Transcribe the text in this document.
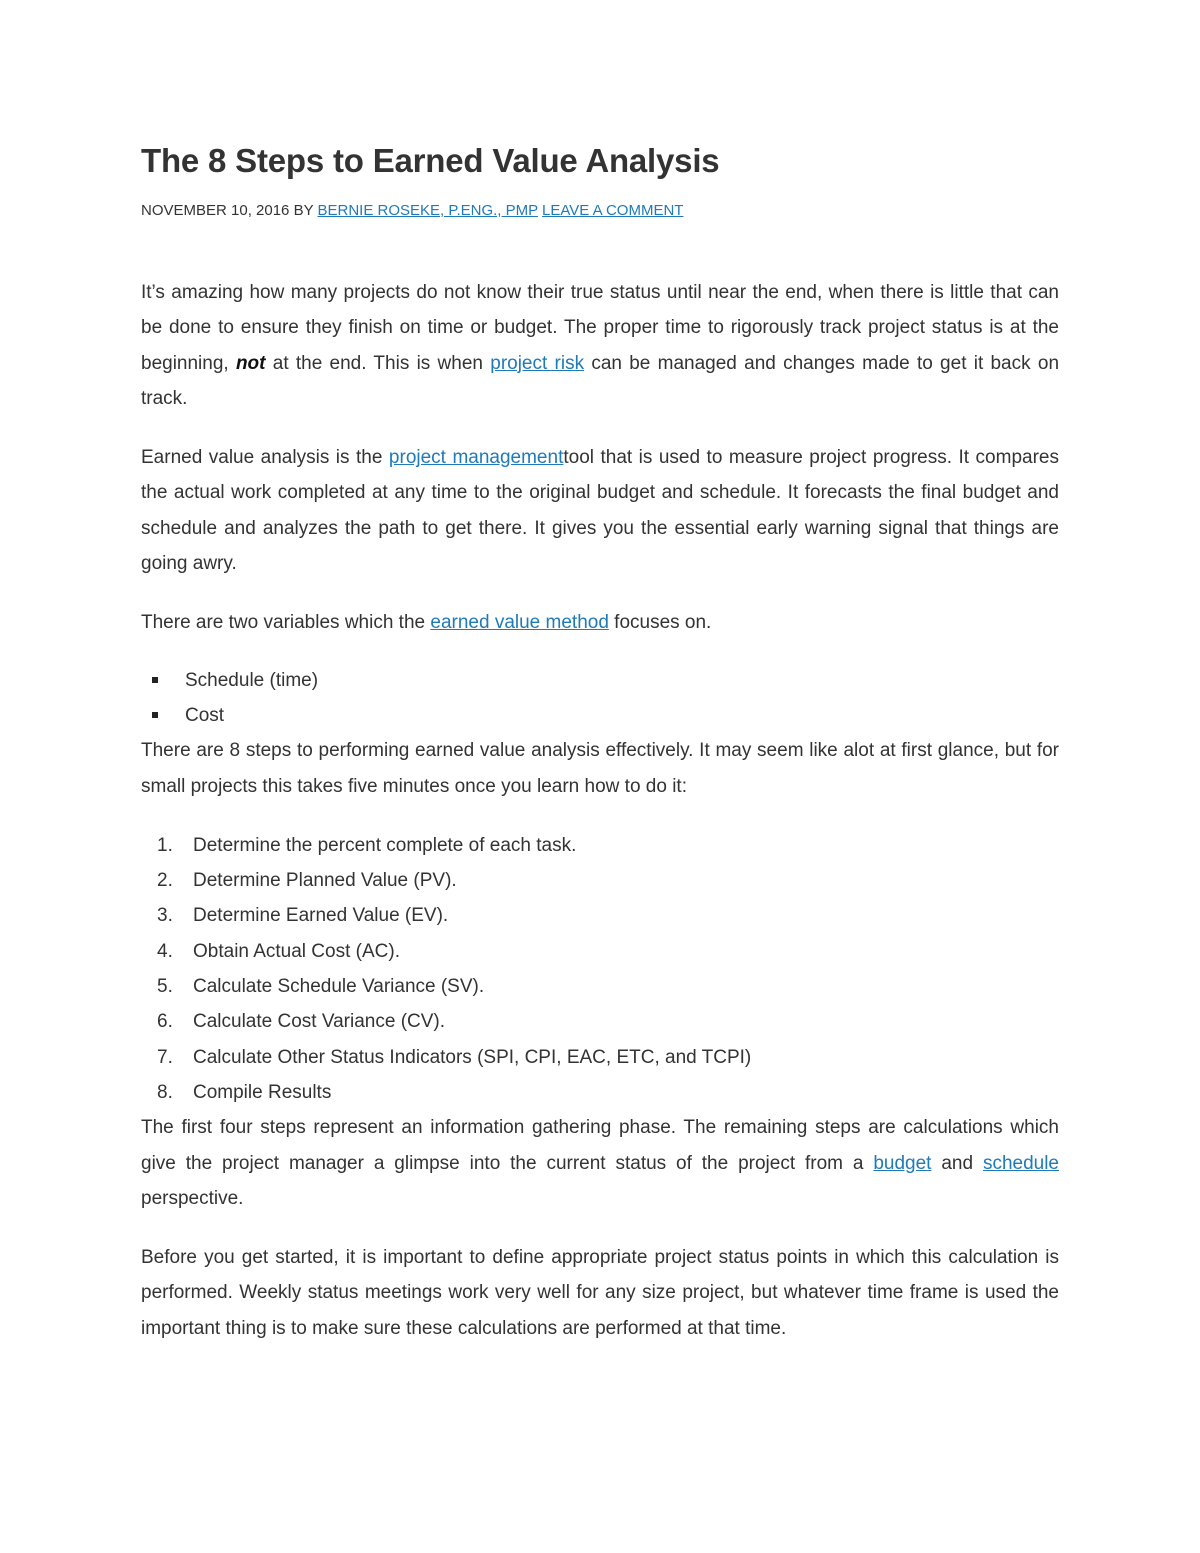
The 8 Steps to Earned Value Analysis
NOVEMBER 10, 2016 BY BERNIE ROSEKE, P.ENG., PMP LEAVE A COMMENT

It’s amazing how many projects do not know their true status until near the end, when there is little that can be done to ensure they finish on time or budget. The proper time to rigorously track project status is at the beginning, not at the end. This is when project risk can be managed and changes made to get it back on track.

Earned value analysis is the project managementtool that is used to measure project progress. It compares the actual work completed at any time to the original budget and schedule. It forecasts the final budget and schedule and analyzes the path to get there. It gives you the essential early warning signal that things are going awry.

There are two variables which the earned value method focuses on.

Schedule (time)
Cost

There are 8 steps to performing earned value analysis effectively. It may seem like alot at first glance, but for small projects this takes five minutes once you learn how to do it:

1. Determine the percent complete of each task.
2. Determine Planned Value (PV).
3. Determine Earned Value (EV).
4. Obtain Actual Cost (AC).
5. Calculate Schedule Variance (SV).
6. Calculate Cost Variance (CV).
7. Calculate Other Status Indicators (SPI, CPI, EAC, ETC, and TCPI)
8. Compile Results

The first four steps represent an information gathering phase. The remaining steps are calculations which give the project manager a glimpse into the current status of the project from a budget and schedule perspective.

Before you get started, it is important to define appropriate project status points in which this calculation is performed. Weekly status meetings work very well for any size project, but whatever time frame is used the important thing is to make sure these calculations are performed at that time.
